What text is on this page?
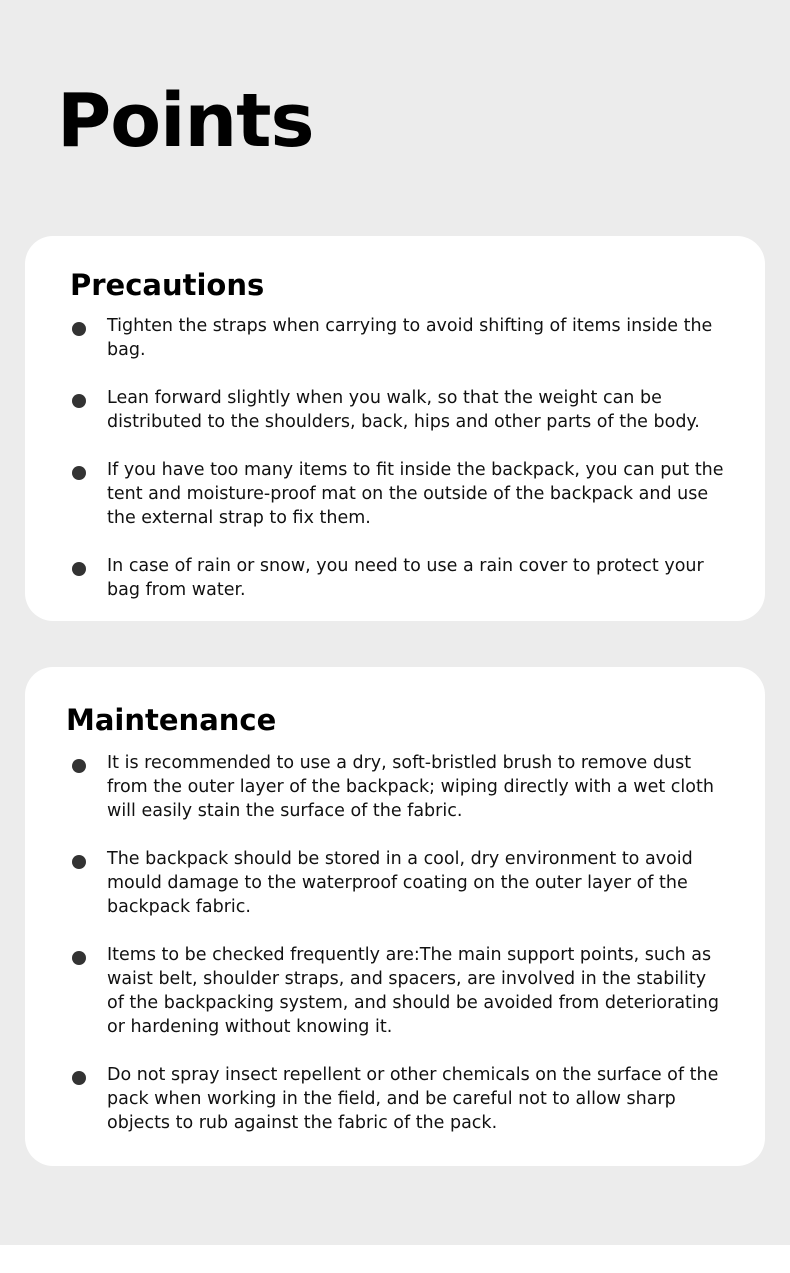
Points
Precautions
Tighten the straps when carrying to avoid shifting of items inside the bag.
Lean forward slightly when you walk, so that the weight can be distributed to the shoulders, back, hips and other parts of the body.
If you have too many items to fit inside the backpack, you can put the tent and moisture-proof mat on the outside of the backpack and use the external strap to fix them.
In case of rain or snow, you need to use a rain cover to protect your bag from water.
Maintenance
It is recommended to use a dry, soft-bristled brush to remove dust from the outer layer of the backpack; wiping directly with a wet cloth will easily stain the surface of the fabric.
The backpack should be stored in a cool, dry environment to avoid mould damage to the waterproof coating on the outer layer of the backpack fabric.
Items to be checked frequently are:The main support points, such as waist belt, shoulder straps, and spacers, are involved in the stability of the backpacking system, and should be avoided from deteriorating or hardening without knowing it.
Do not spray insect repellent or other chemicals on the surface of the pack when working in the field, and be careful not to allow sharp objects to rub against the fabric of the pack.
